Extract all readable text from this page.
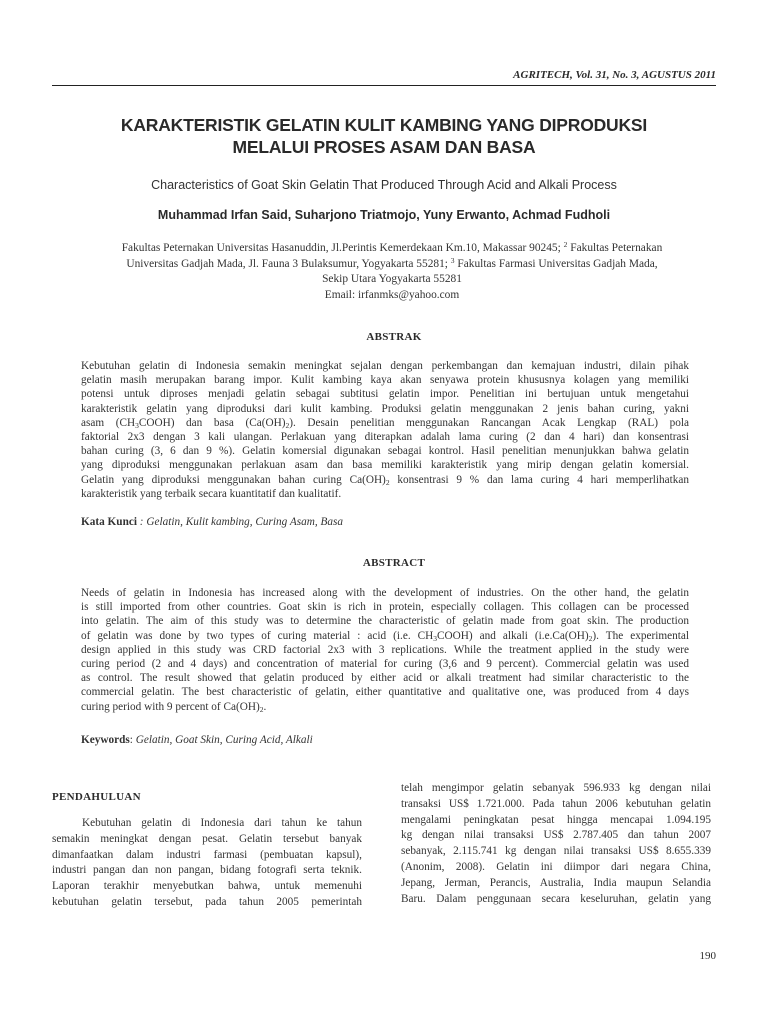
AGRITECH, Vol. 31, No. 3, AGUSTUS 2011
KARAKTERISTIK GELATIN KULIT KAMBING YANG DIPRODUKSI
MELALUI PROSES ASAM DAN BASA
Characteristics of Goat Skin Gelatin That Produced Through Acid and Alkali Process
Muhammad Irfan Said, Suharjono Triatmojo, Yuny Erwanto, Achmad Fudholi
Fakultas Peternakan Universitas Hasanuddin, Jl.Perintis Kemerdekaan Km.10, Makassar 90245; $^2$ Fakultas Peternakan
Universitas Gadjah Mada, Jl. Fauna 3 Bulaksumur, Yogyakarta 55281; $^3$ Fakultas Farmasi Universitas Gadjah Mada,
Sekip Utara Yogyakarta 55281
Email: irfanmks@yahoo.com
ABSTRAK
Kebutuhan gelatin di Indonesia semakin meningkat sejalan dengan perkembangan dan kemajuan industri, dilain pihak
gelatin masih merupakan barang impor. Kulit kambing kaya akan senyawa protein khususnya kolagen yang memiliki
potensi untuk diproses menjadi gelatin sebagai subtitusi gelatin impor. Penelitian ini bertujuan untuk mengetahui
karakteristik gelatin yang diproduksi dari kulit kambing. Produksi gelatin menggunakan 2 jenis bahan curing, yakni
asam $(CH_3COOH)$ dan basa $(Ca(OH)_2)$. Desain penelitian menggunakan Rancangan Acak Lengkap (RAL) pola
faktorial 2x3 dengan 3 kali ulangan. Perlakuan yang diterapkan adalah lama curing (2 dan 4 hari) dan konsentrasi
bahan curing (3, 6 dan 9 %). Gelatin komersial digunakan sebagai kontrol. Hasil penelitian menunjukkan bahwa gelatin
yang diproduksi menggunakan perlakuan asam dan basa memiliki karakteristik yang mirip dengan gelatin komersial.
Gelatin yang diproduksi menggunakan bahan curing $Ca(OH)_2$ konsentrasi 9 % dan lama curing 4 hari memperlihatkan
karakteristik yang terbaik secara kuantitatif dan kualitatif.
Kata Kunci : Gelatin, Kulit kambing, Curing Asam, Basa
ABSTRACT
Needs of gelatin in Indonesia has increased along with the development of industries. On the other hand, the gelatin
is still imported from other countries. Goat skin is rich in protein, especially collagen. This collagen can be processed
into gelatin. The aim of this study was to determine the characteristic of gelatin made from goat skin. The production
of gelatin was done by two types of curing material : acid (i.e. $CH_3COOH$) and alkali $(i.e.Ca(OH)_2)$. The experimental
design applied in this study was CRD factorial 2x3 with 3 replications. While the treatment applied in the study were
curing period (2 and 4 days) and concentration of material for curing (3,6 and 9 percent). Commercial gelatin was used
as control. The result showed that gelatin produced by either acid or alkali treatment had similar characteristic to the
commercial gelatin. The best characteristic of gelatin, either quantitative and qualitative one, was produced from 4 days
curing period with 9 percent of $Ca(OH)_2$.
Keywords: Gelatin, Goat Skin, Curing Acid, Alkali
PENDAHULUAN
Kebutuhan gelatin di Indonesia dari tahun ke tahun
semakin meningkat dengan pesat. Gelatin tersebut banyak
dimanfaatkan dalam industri farmasi (pembuatan kapsul),
industri pangan dan non pangan, bidang fotografi serta teknik.
Laporan terakhir menyebutkan bahwa, untuk memenuhi
kebutuhan gelatin tersebut, pada tahun 2005 pemerintah
telah mengimpor gelatin sebanyak 596.933 kg dengan nilai
transaksi US$ 1.721.000. Pada tahun 2006 kebutuhan gelatin
mengalami peningkatan pesat hingga mencapai 1.094.195
kg dengan nilai transaksi US$ 2.787.405 dan tahun 2007
sebanyak, 2.115.741 kg dengan nilai transaksi US$ 8.655.339
(Anonim, 2008). Gelatin ini diimpor dari negara China,
Jepang, Jerman, Perancis, Australia, India maupun Selandia
Baru. Dalam penggunaan secara keseluruhan, gelatin yang
190
